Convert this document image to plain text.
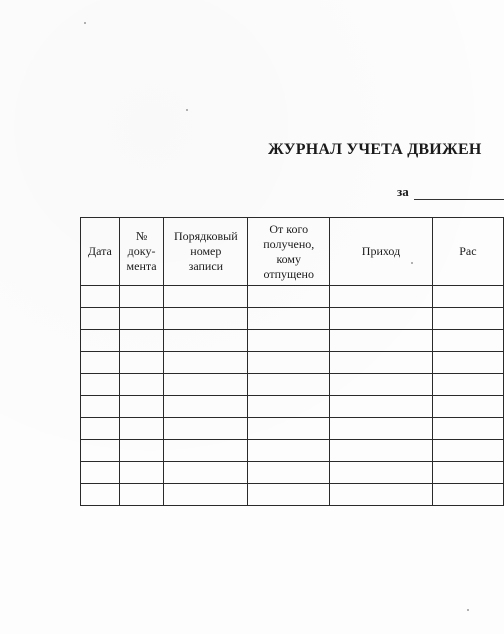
ЖУРНАЛ УЧЕТА ДВИЖЕН
за
Дата	№
доку-
мента	Порядковый
номер
записи	От кого
получено,
кому
отпущено	Приход	Рас
